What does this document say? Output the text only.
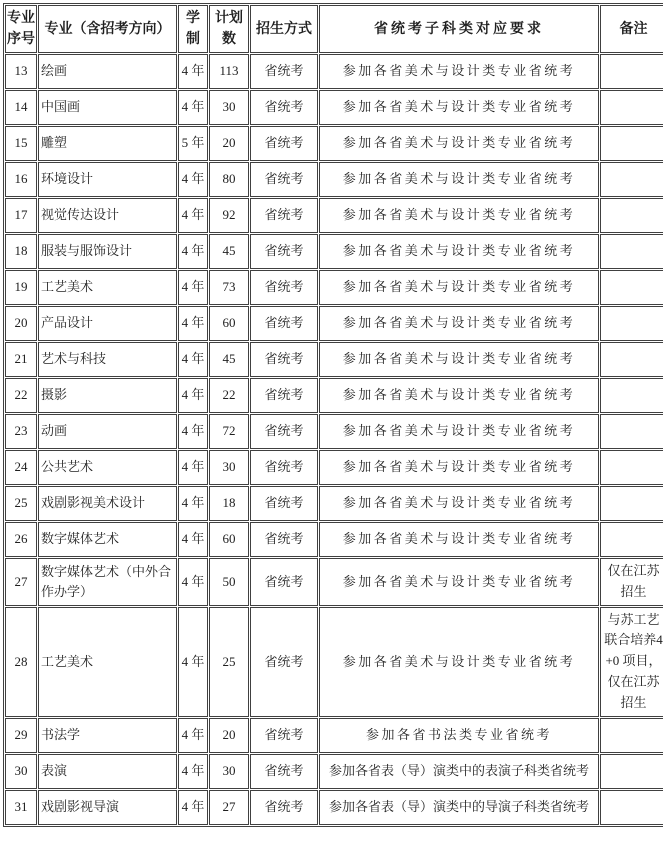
专业序号	专业（含招考方向）	学制	计划数	招生方式	省统考子科类对应要求	备注
13	绘画	4 年	113	省统考	参加各省美术与设计类专业省统考	
14	中国画	4 年	30	省统考	参加各省美术与设计类专业省统考	
15	雕塑	5 年	20	省统考	参加各省美术与设计类专业省统考	
16	环境设计	4 年	80	省统考	参加各省美术与设计类专业省统考	
17	视觉传达设计	4 年	92	省统考	参加各省美术与设计类专业省统考	
18	服装与服饰设计	4 年	45	省统考	参加各省美术与设计类专业省统考	
19	工艺美术	4 年	73	省统考	参加各省美术与设计类专业省统考	
20	产品设计	4 年	60	省统考	参加各省美术与设计类专业省统考	
21	艺术与科技	4 年	45	省统考	参加各省美术与设计类专业省统考	
22	摄影	4 年	22	省统考	参加各省美术与设计类专业省统考	
23	动画	4 年	72	省统考	参加各省美术与设计类专业省统考	
24	公共艺术	4 年	30	省统考	参加各省美术与设计类专业省统考	
25	戏剧影视美术设计	4 年	18	省统考	参加各省美术与设计类专业省统考	
26	数字媒体艺术	4 年	60	省统考	参加各省美术与设计类专业省统考	
27	数字媒体艺术（中外合作办学）	4 年	50	省统考	参加各省美术与设计类专业省统考	仅在江苏招生
28	工艺美术	4 年	25	省统考	参加各省美术与设计类专业省统考	与苏工艺联合培养4+0 项目，仅在江苏招生
29	书法学	4 年	20	省统考	参加各省书法类专业省统考	
30	表演	4 年	30	省统考	参加各省表（导）演类中的表演子科类省统考	
31	戏剧影视导演	4 年	27	省统考	参加各省表（导）演类中的导演子科类省统考	
